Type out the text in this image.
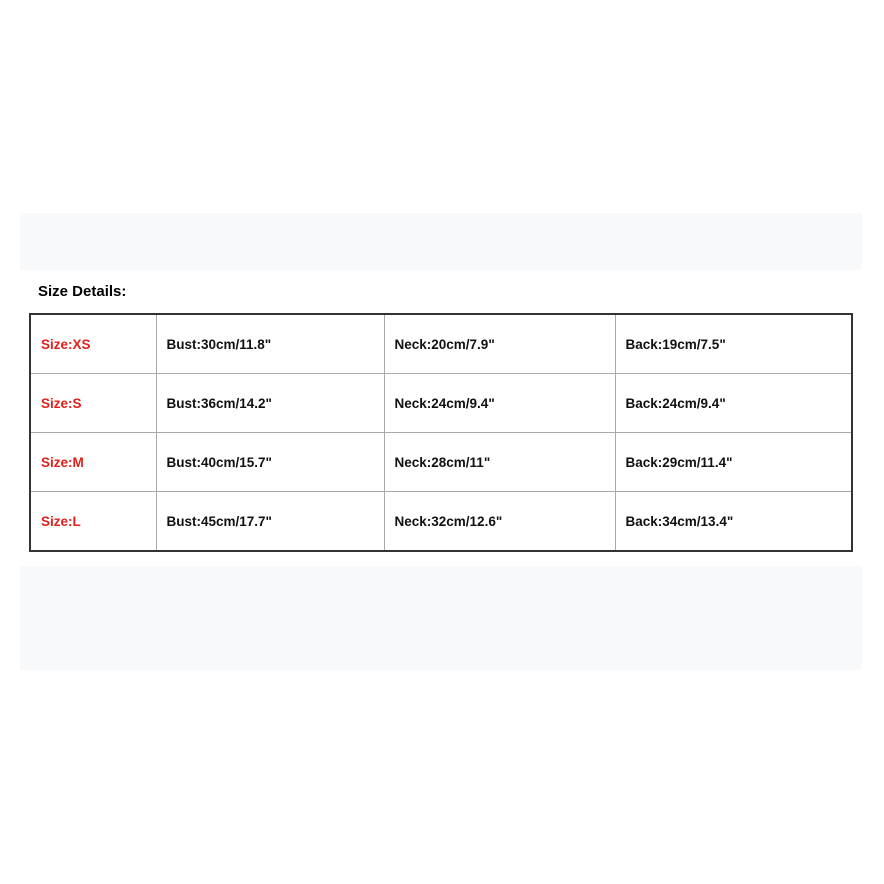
Size Details:

Size:XS	Bust:30cm/11.8"	Neck:20cm/7.9"	Back:19cm/7.5"
Size:S	Bust:36cm/14.2"	Neck:24cm/9.4"	Back:24cm/9.4"
Size:M	Bust:40cm/15.7"	Neck:28cm/11"	Back:29cm/11.4"
Size:L	Bust:45cm/17.7"	Neck:32cm/12.6"	Back:34cm/13.4"
